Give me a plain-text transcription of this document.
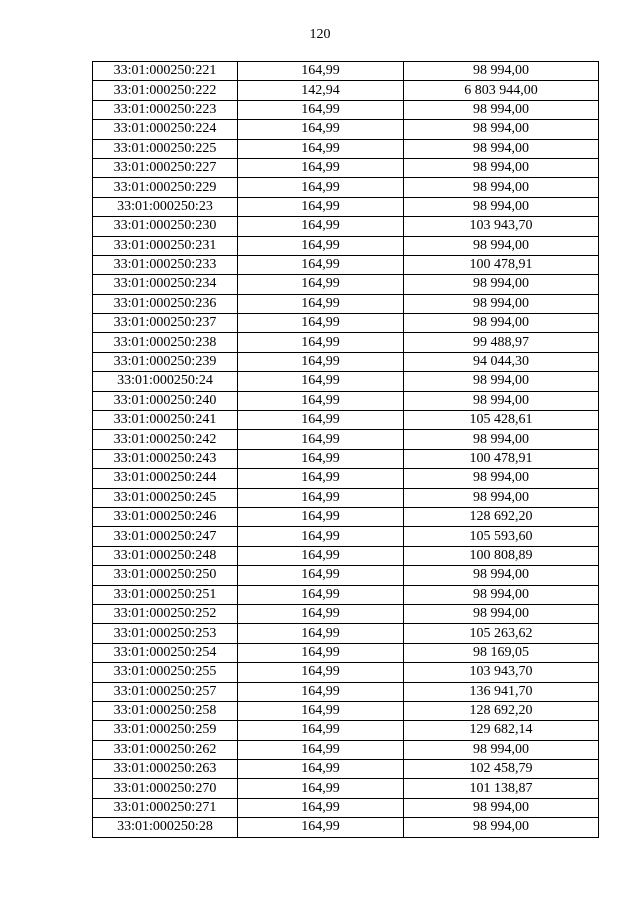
120
33:01:000250:221	164,99	98 994,00
33:01:000250:222	142,94	6 803 944,00
33:01:000250:223	164,99	98 994,00
33:01:000250:224	164,99	98 994,00
33:01:000250:225	164,99	98 994,00
33:01:000250:227	164,99	98 994,00
33:01:000250:229	164,99	98 994,00
33:01:000250:23	164,99	98 994,00
33:01:000250:230	164,99	103 943,70
33:01:000250:231	164,99	98 994,00
33:01:000250:233	164,99	100 478,91
33:01:000250:234	164,99	98 994,00
33:01:000250:236	164,99	98 994,00
33:01:000250:237	164,99	98 994,00
33:01:000250:238	164,99	99 488,97
33:01:000250:239	164,99	94 044,30
33:01:000250:24	164,99	98 994,00
33:01:000250:240	164,99	98 994,00
33:01:000250:241	164,99	105 428,61
33:01:000250:242	164,99	98 994,00
33:01:000250:243	164,99	100 478,91
33:01:000250:244	164,99	98 994,00
33:01:000250:245	164,99	98 994,00
33:01:000250:246	164,99	128 692,20
33:01:000250:247	164,99	105 593,60
33:01:000250:248	164,99	100 808,89
33:01:000250:250	164,99	98 994,00
33:01:000250:251	164,99	98 994,00
33:01:000250:252	164,99	98 994,00
33:01:000250:253	164,99	105 263,62
33:01:000250:254	164,99	98 169,05
33:01:000250:255	164,99	103 943,70
33:01:000250:257	164,99	136 941,70
33:01:000250:258	164,99	128 692,20
33:01:000250:259	164,99	129 682,14
33:01:000250:262	164,99	98 994,00
33:01:000250:263	164,99	102 458,79
33:01:000250:270	164,99	101 138,87
33:01:000250:271	164,99	98 994,00
33:01:000250:28	164,99	98 994,00
